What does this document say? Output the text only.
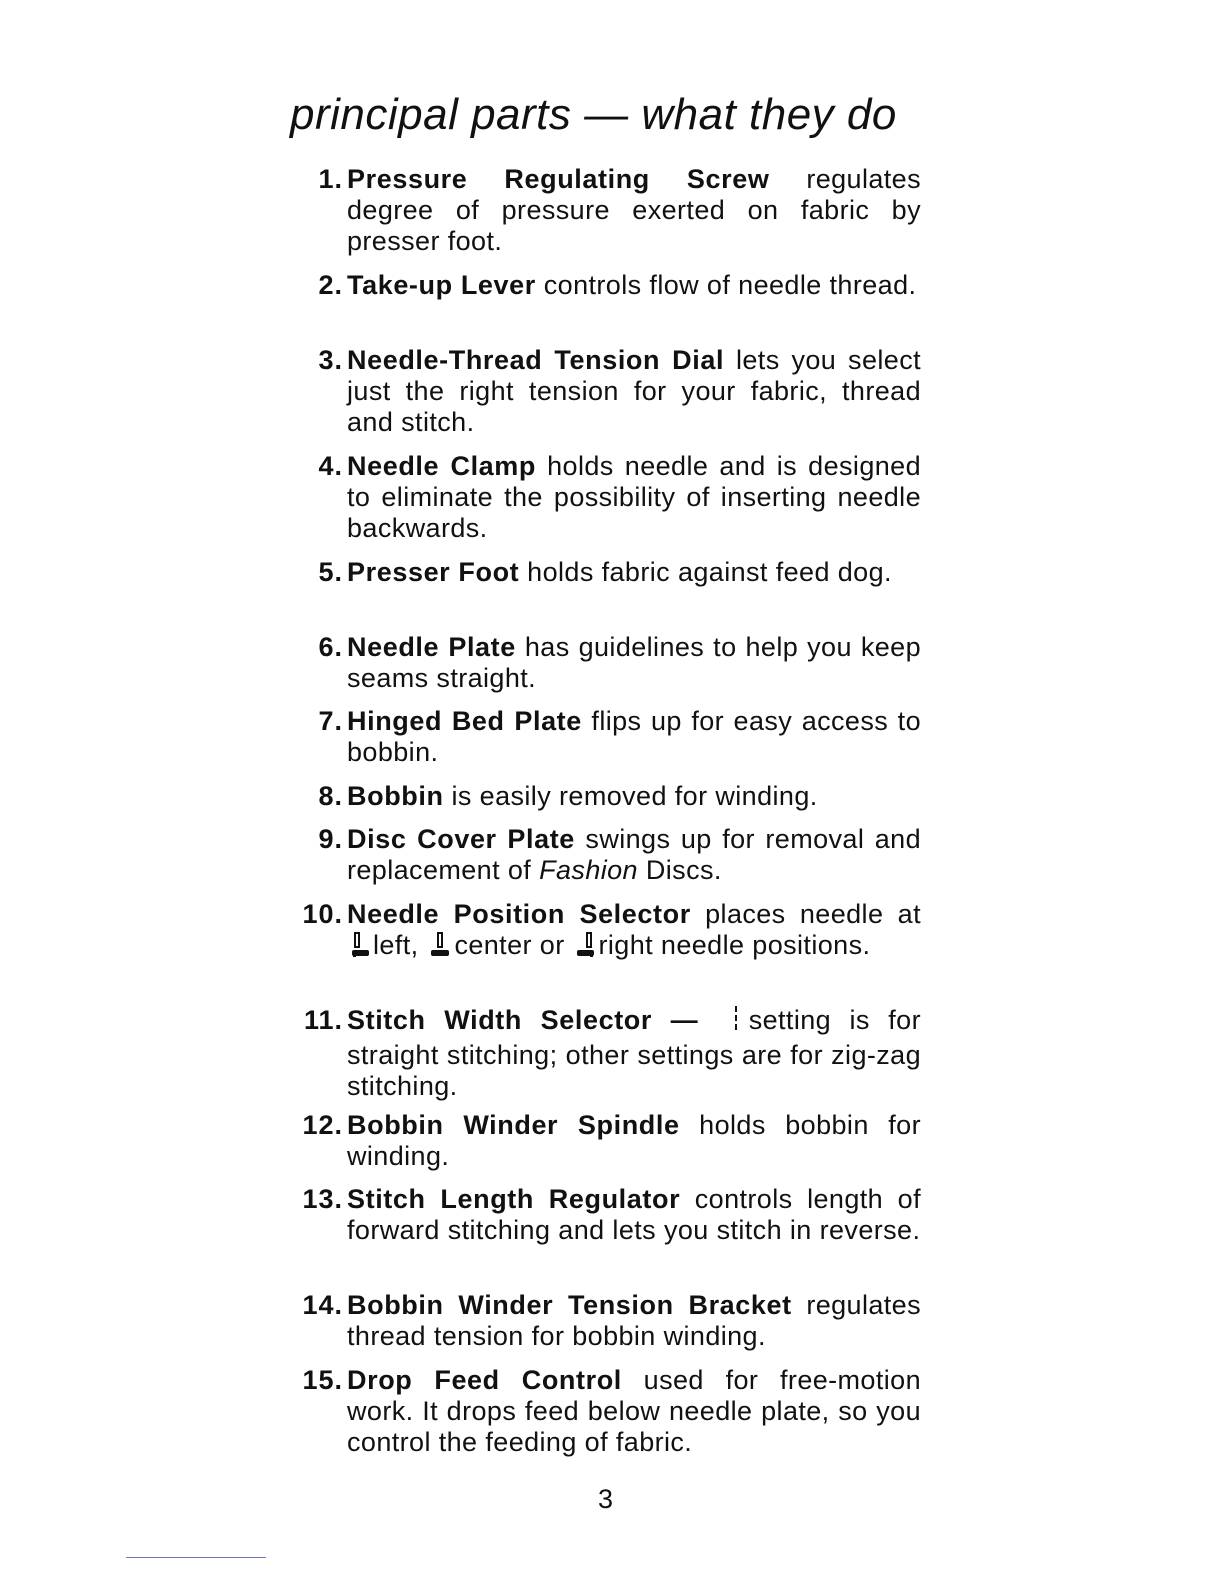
principal parts — what they do
1. Pressure Regulating Screw regulates degree of pressure exerted on fabric by presser foot.
2. Take-up Lever controls flow of needle thread.
3. Needle-Thread Tension Dial lets you select just the right tension for your fabric, thread and stitch.
4. Needle Clamp holds needle and is designed to eliminate the possibility of inserting needle backwards.
5. Presser Foot holds fabric against feed dog.
6. Needle Plate has guidelines to help you keep seams straight.
7. Hinged Bed Plate flips up for easy access to bobbin.
8. Bobbin is easily removed for winding.
9. Disc Cover Plate swings up for removal and replacement of Fashion Discs.
10. Needle Position Selector places needle at left, center or right needle positions.
11. Stitch Width Selector — setting is for straight stitching; other settings are for zig-zag stitching.
12. Bobbin Winder Spindle holds bobbin for winding.
13. Stitch Length Regulator controls length of forward stitching and lets you stitch in reverse.
14. Bobbin Winder Tension Bracket regulates thread tension for bobbin winding.
15. Drop Feed Control used for free-motion work. It drops feed below needle plate, so you control the feeding of fabric.
3
